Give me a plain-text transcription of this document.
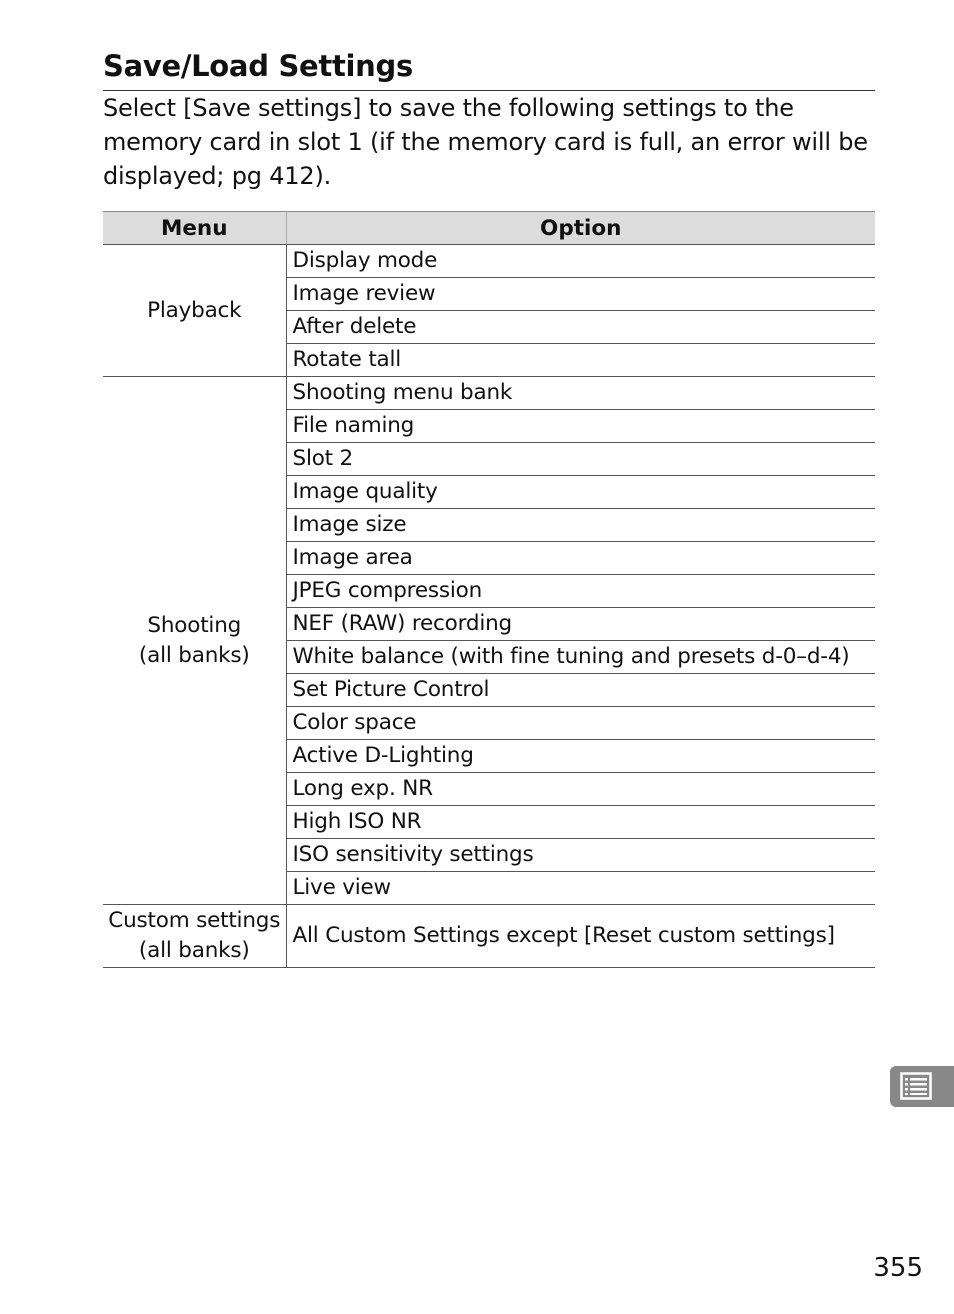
Save/Load Settings

Select [Save settings] to save the following settings to the memory card in slot 1 (if the memory card is full, an error will be displayed; pg 412).

Menu	Option
Playback	Display mode
	Image review
	After delete
	Rotate tall
Shooting
(all banks)	Shooting menu bank
	File naming
	Slot 2
	Image quality
	Image size
	Image area
	JPEG compression
	NEF (RAW) recording
	White balance (with fine tuning and presets d-0–d-4)
	Set Picture Control
	Color space
	Active D-Lighting
	Long exp. NR
	High ISO NR
	ISO sensitivity settings
	Live view
Custom settings
(all banks)	All Custom Settings except [Reset custom settings]
355
